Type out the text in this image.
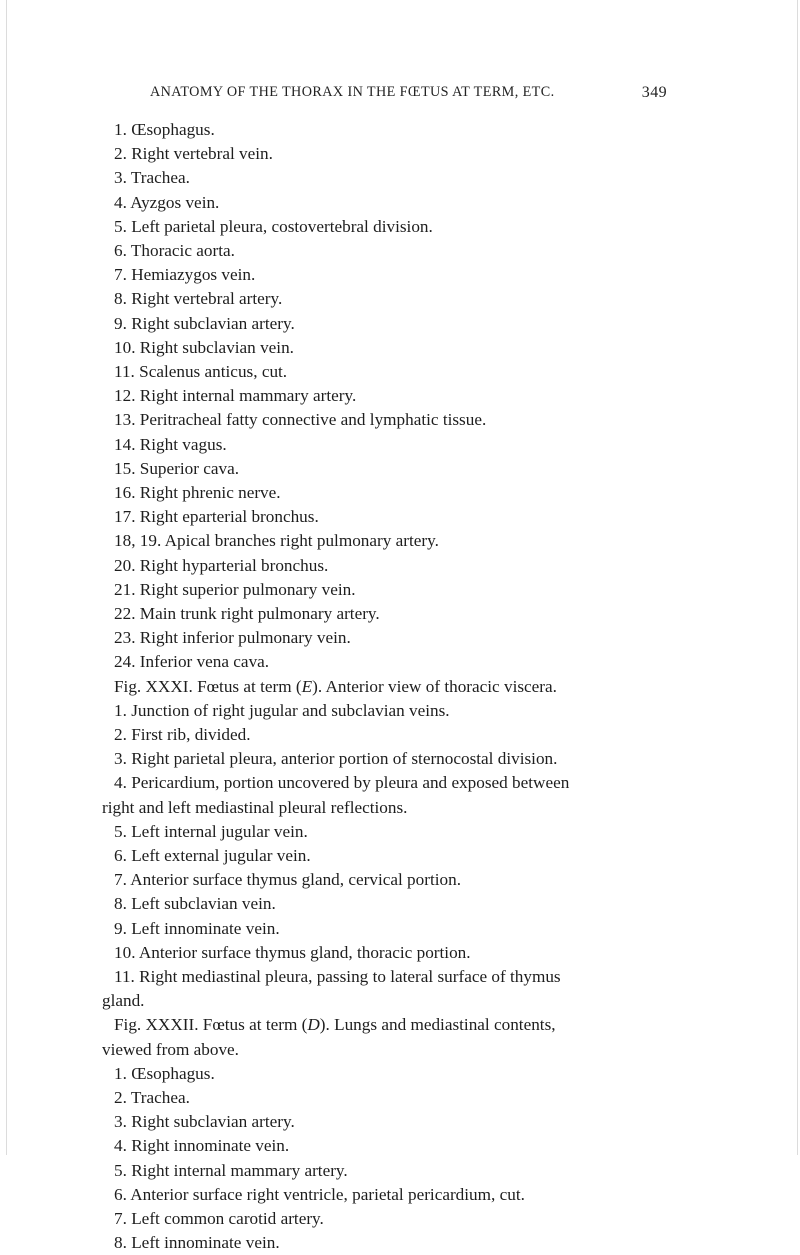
ANATOMY OF THE THORAX IN THE FŒTUS AT TERM, ETC.	349
1. Œsophagus.
2. Right vertebral vein.
3. Trachea.
4. Ayzgos vein.
5. Left parietal pleura, costovertebral division.
6. Thoracic aorta.
7. Hemiazygos vein.
8. Right vertebral artery.
9. Right subclavian artery.
10. Right subclavian vein.
11. Scalenus anticus, cut.
12. Right internal mammary artery.
13. Peritracheal fatty connective and lymphatic tissue.
14. Right vagus.
15. Superior cava.
16. Right phrenic nerve.
17. Right eparterial bronchus.
18, 19. Apical branches right pulmonary artery.
20. Right hyparterial bronchus.
21. Right superior pulmonary vein.
22. Main trunk right pulmonary artery.
23. Right inferior pulmonary vein.
24. Inferior vena cava.
Fig. XXXI. Fœtus at term (E). Anterior view of thoracic viscera.
1. Junction of right jugular and subclavian veins.
2. First rib, divided.
3. Right parietal pleura, anterior portion of sternocostal division.
4. Pericardium, portion uncovered by pleura and exposed between
right and left mediastinal pleural reflections.
5. Left internal jugular vein.
6. Left external jugular vein.
7. Anterior surface thymus gland, cervical portion.
8. Left subclavian vein.
9. Left innominate vein.
10. Anterior surface thymus gland, thoracic portion.
11. Right mediastinal pleura, passing to lateral surface of thymus
gland.
Fig. XXXII. Fœtus at term (D). Lungs and mediastinal contents,
viewed from above.
1. Œsophagus.
2. Trachea.
3. Right subclavian artery.
4. Right innominate vein.
5. Right internal mammary artery.
6. Anterior surface right ventricle, parietal pericardium, cut.
7. Left common carotid artery.
8. Left innominate vein.
